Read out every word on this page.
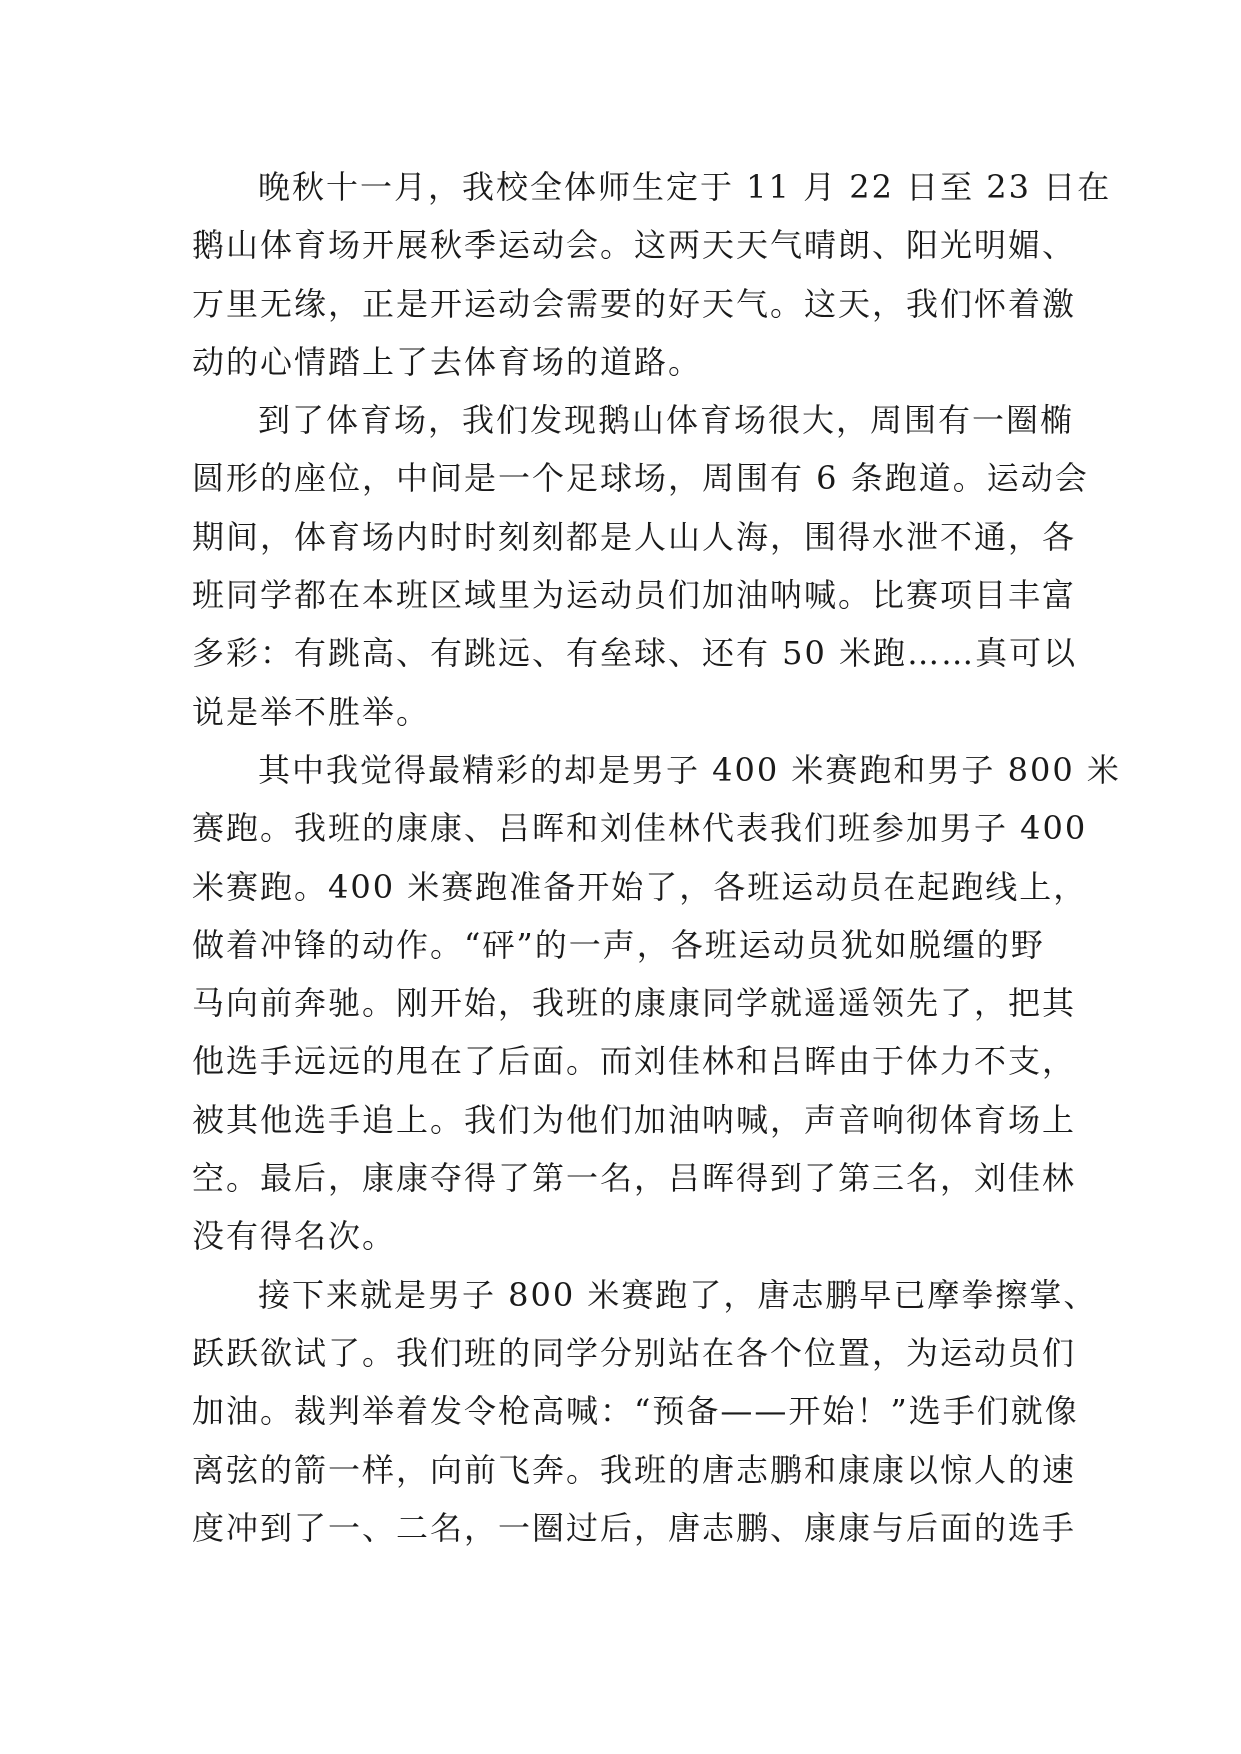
晚秋十一月，我校全体师生定于 11 月 22 日至 23 日在
鹅山体育场开展秋季运动会。这两天天气晴朗、阳光明媚、
万里无缘，正是开运动会需要的好天气。这天，我们怀着激
动的心情踏上了去体育场的道路。
到了体育场，我们发现鹅山体育场很大，周围有一圈椭
圆形的座位，中间是一个足球场，周围有 6 条跑道。运动会
期间，体育场内时时刻刻都是人山人海，围得水泄不通，各
班同学都在本班区域里为运动员们加油呐喊。比赛项目丰富
多彩：有跳高、有跳远、有垒球、还有 50 米跑……真可以
说是举不胜举。
其中我觉得最精彩的却是男子 400 米赛跑和男子 800 米
赛跑。我班的康康、吕晖和刘佳林代表我们班参加男子 400
米赛跑。400 米赛跑准备开始了，各班运动员在起跑线上，
做着冲锋的动作。“砰”的一声，各班运动员犹如脱缰的野
马向前奔驰。刚开始，我班的康康同学就遥遥领先了，把其
他选手远远的甩在了后面。而刘佳林和吕晖由于体力不支，
被其他选手追上。我们为他们加油呐喊，声音响彻体育场上
空。最后，康康夺得了第一名，吕晖得到了第三名，刘佳林
没有得名次。
接下来就是男子 800 米赛跑了，唐志鹏早已摩拳擦掌、
跃跃欲试了。我们班的同学分别站在各个位置，为运动员们
加油。裁判举着发令枪高喊：“预备——开始！”选手们就像
离弦的箭一样，向前飞奔。我班的唐志鹏和康康以惊人的速
度冲到了一、二名，一圈过后，唐志鹏、康康与后面的选手
